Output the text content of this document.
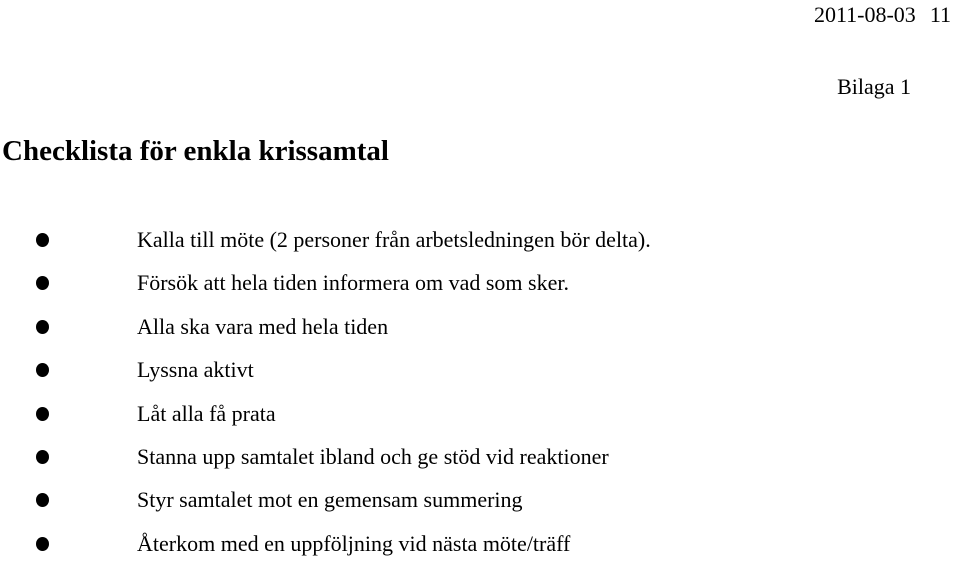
2011-08-03 11
Bilaga 1
Checklista för enkla krissamtal
Kalla till möte (2 personer från arbetsledningen bör delta).
Försök att hela tiden informera om vad som sker.
Alla ska vara med hela tiden
Lyssna aktivt
Låt alla få prata
Stanna upp samtalet ibland och ge stöd vid reaktioner
Styr samtalet mot en gemensam summering
Återkom med en uppföljning vid nästa möte/träff
